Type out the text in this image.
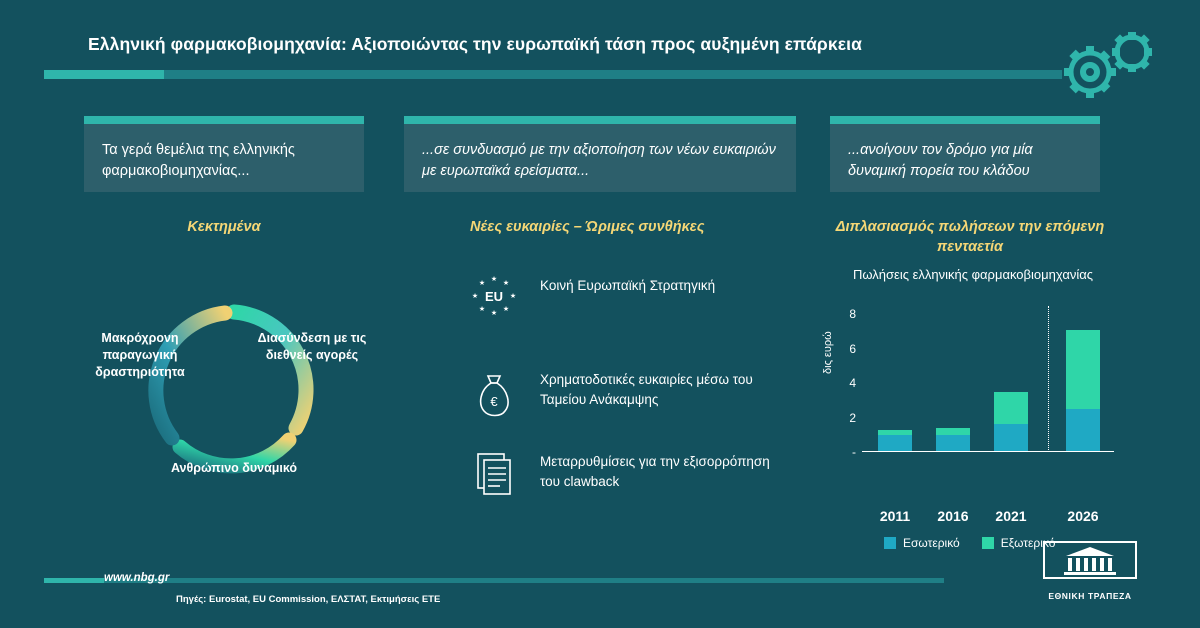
Ελληνική φαρμακοβιομηχανία: Αξιοποιώντας την ευρωπαϊκή τάση προς αυξημένη επάρκεια
Τα γερά θεμέλια της ελληνικής φαρμακοβιομηχανίας...
...σε συνδυασμό με την αξιοποίηση των νέων ευκαιριών με ευρωπαϊκά ερείσματα...
...ανοίγουν τον δρόμο για μία δυναμική πορεία του κλάδου
Κεκτημένα	Νέες ευκαιρίες – Ώριμες συνθήκες	Διπλασιασμός πωλήσεων την επόμενη πενταετία
Μακρόχρονη παραγωγική δραστηριότητα
Διασύνδεση με τις διεθνείς αγορές
Ανθρώπινο δυναμικό
★
★	★
★	★
★	★
★
EU
Κοινή Ευρωπαϊκή Στρατηγική
€
Χρηματοδοτικές ευκαιρίες μέσω του Ταμείου Ανάκαμψης
Μεταρρυθμίσεις για την εξισορρόπηση του clawback
Πωλήσεις ελληνικής φαρμακοβιομηχανίας
δις ευρώ
8
6
4
2
-
2011	2016	2021	2026
Εσωτερικό	Εξωτερικό
www.nbg.gr
Πηγές: Eurostat, EU Commission, ΕΛΣΤΑΤ, Εκτιμήσεις ΕΤΕ	ΕΘΝΙΚΗ ΤΡΑΠΕΖΑ
